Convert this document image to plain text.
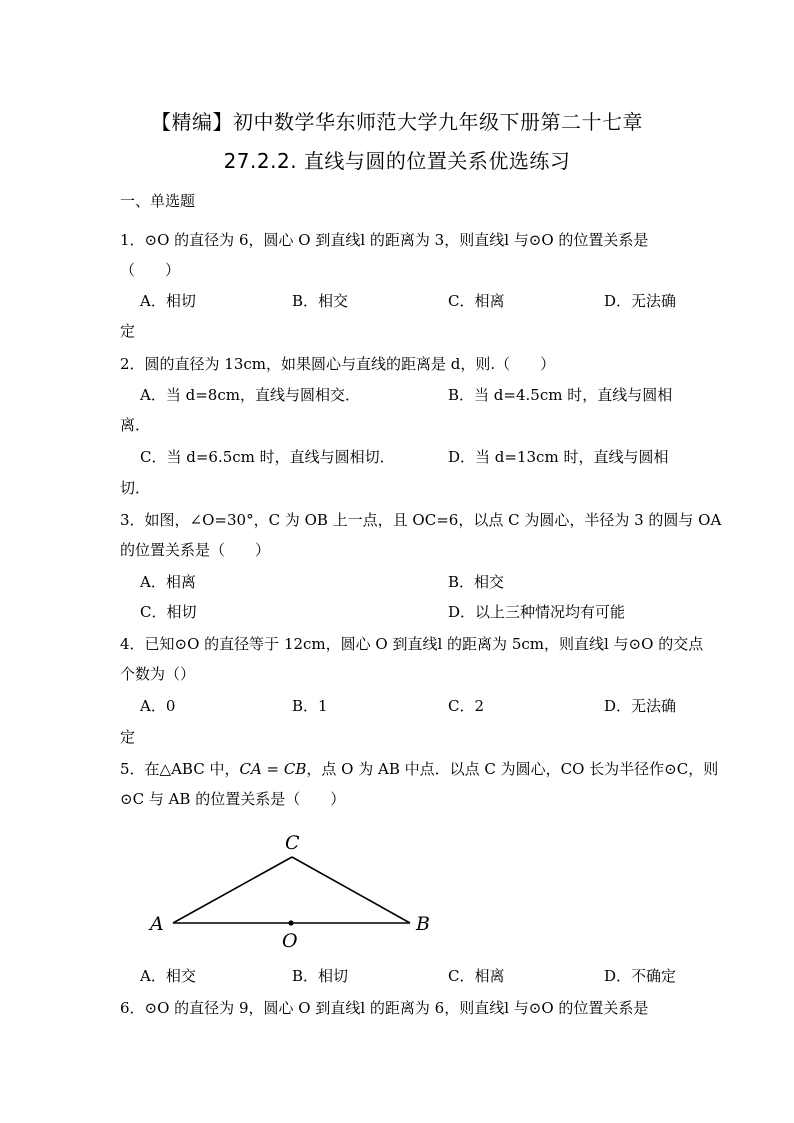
【精编】初中数学华东师范大学九年级下册第二十七章
27.2.2. 直线与圆的位置关系优选练习
一、单选题
1．⊙O 的直径为 6，圆心 O 到直线l 的距离为 3，则直线l 与⊙O 的位置关系是
（　　）
A．相切	B．相交	C．相离	D．无法确
定
2．圆的直径为 13cm，如果圆心与直线的距离是 d，则.（　　）
A．当 d=8cm，直线与圆相交．	B．当 d=4.5cm 时，直线与圆相
离．
C．当 d=6.5cm 时，直线与圆相切．	D．当 d=13cm 时，直线与圆相
切．
3．如图，∠O=30°，C 为 OB 上一点，且 OC=6，以点 C 为圆心，半径为 3 的圆与 OA
的位置关系是（　　）
A．相离	B．相交
C．相切	D．以上三种情况均有可能
4．已知⊙O 的直径等于 12cm，圆心 O 到直线l 的距离为 5cm，则直线l 与⊙O 的交点
个数为（）
A．0	B．1	C．2	D．无法确
定
5．在△ABC 中，CA = CB，点 O 为 AB 中点．以点 C 为圆心，CO 长为半径作⊙C，则
⊙C 与 AB 的位置关系是（　　）
A
C
B
O
A．相交	B．相切	C．相离	D．不确定
6．⊙O 的直径为 9，圆心 O 到直线l 的距离为 6，则直线l 与⊙O 的位置关系是
